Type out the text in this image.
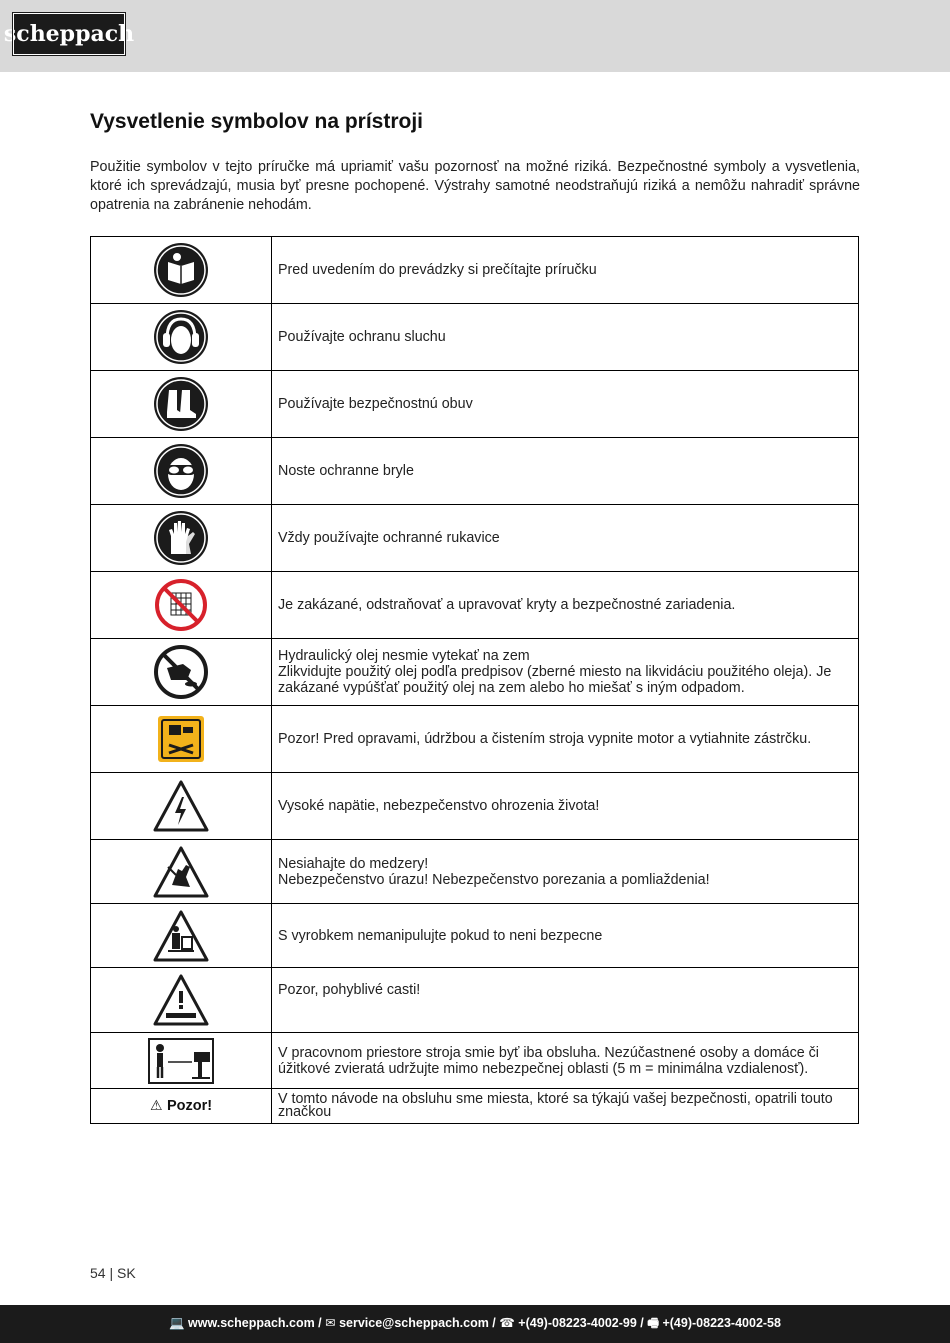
scheppach
Vysvetlenie symbolov na prístroji

Použitie symbolov v tejto príručke má upriamiť vašu pozornosť na možné riziká. Bezpečnostné symboly a vysvetlenia, ktoré ich sprevádzajú, musia byť presne pochopené. Výstrahy samotné neodstraňujú riziká a nemôžu nahradiť správne opatrenia na zabránenie nehodám.

Pred uvedením do prevádzky si prečítajte príručku

Používajte ochranu sluchu

Používajte bezpečnostnú obuv

Noste ochranne bryle

Vždy používajte ochranné rukavice

Je zakázané, odstraňovať a upravovať kryty a bezpečnostné zariadenia.

Hydraulický olej nesmie vytekať na zem
Zlikvidujte použitý olej podľa predpisov (zberné miesto na likvidáciu použitého oleja). Je zakázané vypúšťať použitý olej na zem alebo ho miešať s iným odpadom.

Pozor! Pred opravami, údržbou a čistením stroja vypnite motor a vytiahnite zástrčku.

Vysoké napätie, nebezpečenstvo ohrozenia života!

Nesiahajte do medzery!
Nebezpečenstvo úrazu! Nebezpečenstvo porezania a pomliaždenia!

S vyrobkem nemanipulujte pokud to neni bezpecne

Pozor, pohyblivé casti!

V pracovnom priestore stroja smie byť iba obsluha. Nezúčastnené osoby a domáce či úžitkové zvieratá udržujte mimo nebezpečnej oblasti (5 m = minimálna vzdialenosť).

⚠ Pozor!	V tomto návode na obsluhu sme miesta, ktoré sa týkajú vašej bezpečnosti, opatrili touto značkou
54 | SK
💻 www.scheppach.com / ✉ service@scheppach.com / ☎ +(49)-08223-4002-99 / 🖷 +(49)-08223-4002-58
